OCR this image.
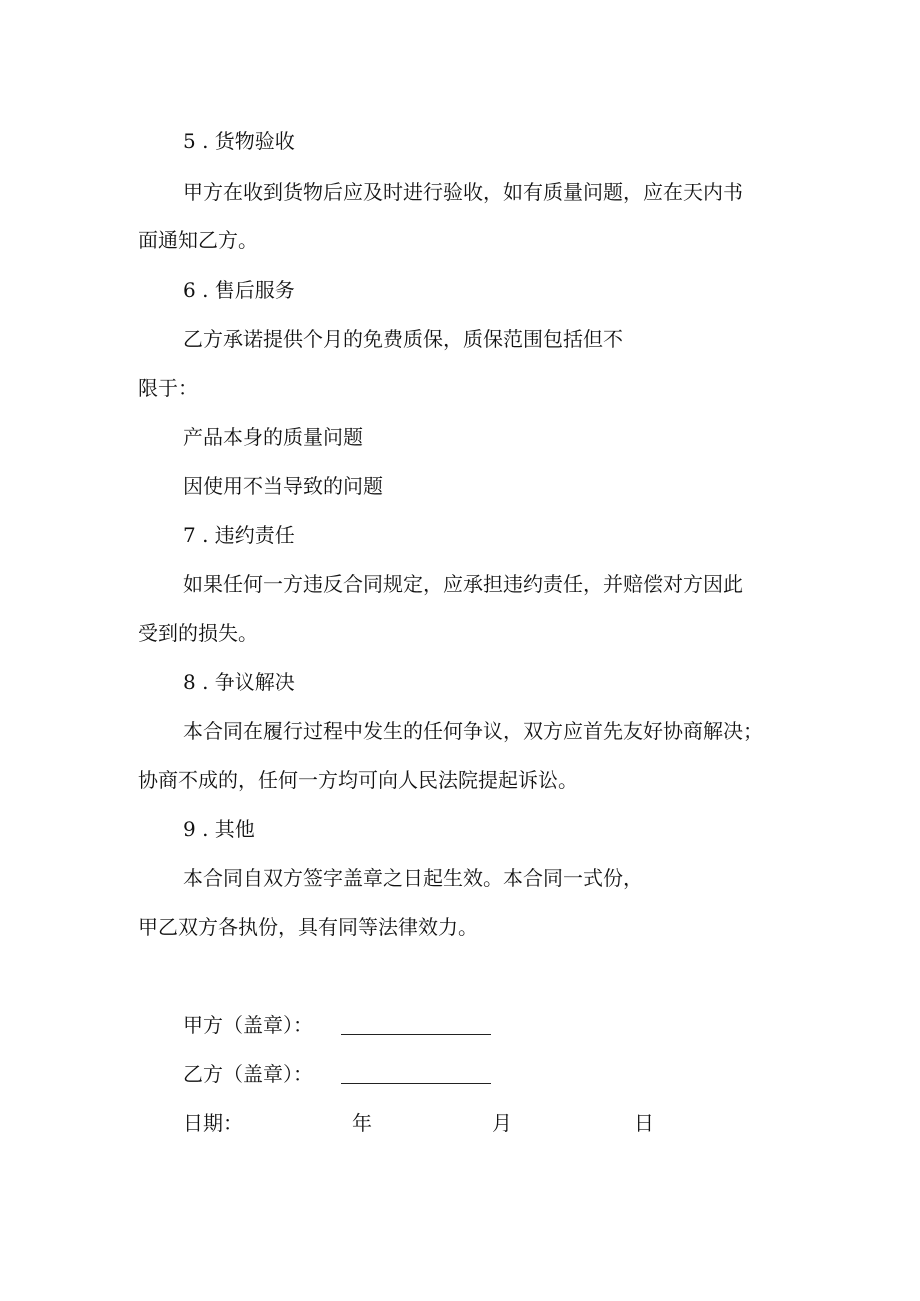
5 . 货物验收
甲方在收到货物后应及时进行验收，如有质量问题，应在天内书
面通知乙方。
6 . 售后服务
乙方承诺提供个月的免费质保，质保范围包括但不
限于：
产品本身的质量问题
因使用不当导致的问题
7 . 违约责任
如果任何一方违反合同规定，应承担违约责任，并赔偿对方因此
受到的损失。
8 . 争议解决
本合同在履行过程中发生的任何争议，双方应首先友好协商解决；
协商不成的，任何一方均可向人民法院提起诉讼。
9 . 其他
本合同自双方签字盖章之日起生效。本合同一式份，
甲乙双方各执份，具有同等法律效力。
甲方（盖章）：
乙方（盖章）：
日期：	年	月	日
